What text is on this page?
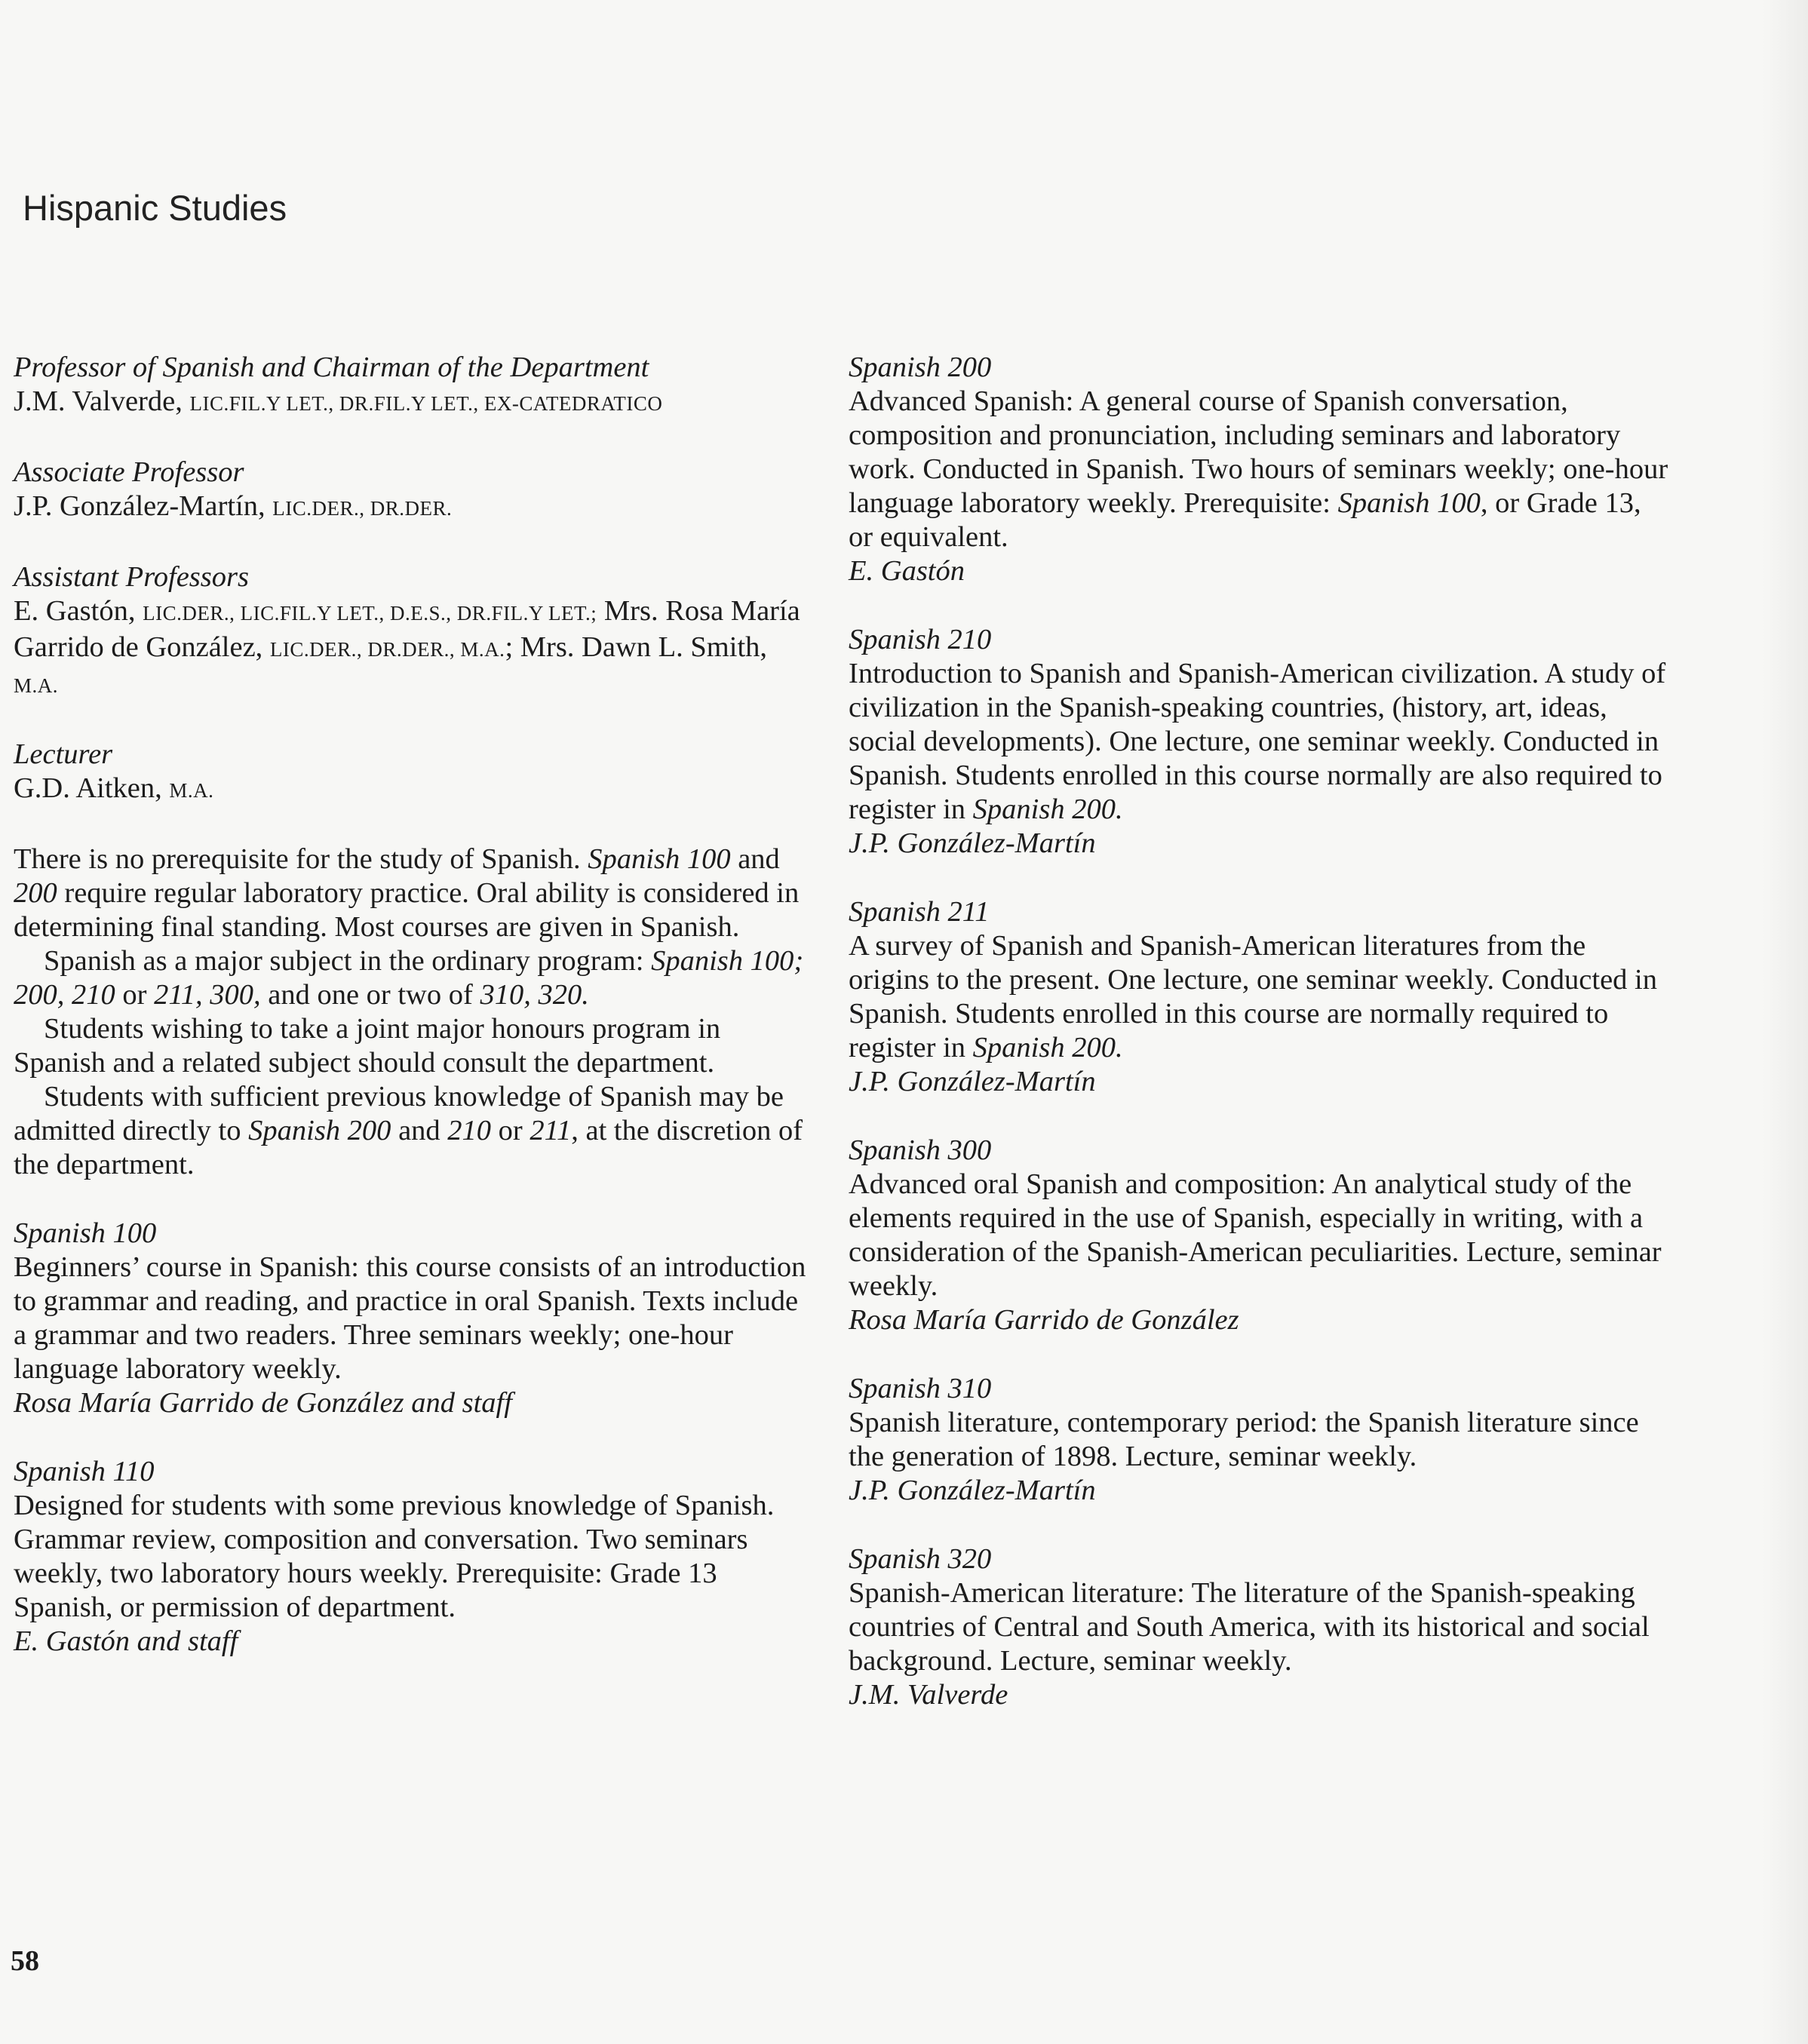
Hispanic Studies
Professor of Spanish and Chairman of the Department
J.M. Valverde, LIC.FIL.Y LET., DR.FIL.Y LET., EX-CATEDRATICO
Associate Professor
J.P. González-Martín, LIC.DER., DR.DER.
Assistant Professors
E. Gastón, LIC.DER., LIC.FIL.Y LET., D.E.S., DR.FIL.Y LET.; Mrs. Rosa María Garrido de González, LIC.DER., DR.DER., M.A.; Mrs. Dawn L. Smith, M.A.
Lecturer
G.D. Aitken, M.A.

There is no prerequisite for the study of Spanish. Spanish 100 and 200 require regular laboratory practice. Oral ability is considered in determining final standing. Most courses are given in Spanish.

Spanish as a major subject in the ordinary program: Spanish 100; 200, 210 or 211, 300, and one or two of 310, 320.

Students wishing to take a joint major honours program in Spanish and a related subject should consult the department.

Students with sufficient previous knowledge of Spanish may be admitted directly to Spanish 200 and 210 or 211, at the discretion of the department.

Spanish 100

Beginners’ course in Spanish: this course consists of an introduction to grammar and reading, and practice in oral Spanish. Texts include a grammar and two readers. Three seminars weekly; one-hour language laboratory weekly.

Rosa María Garrido de González and staff
Spanish 110

Designed for students with some previous knowledge of Spanish. Grammar review, composition and conversation. Two seminars weekly, two laboratory hours weekly. Prerequisite: Grade 13 Spanish, or permission of department.

E. Gastón and staff
Spanish 200

Advanced Spanish: A general course of Spanish conversation, composition and pronunciation, including seminars and laboratory work. Conducted in Spanish. Two hours of seminars weekly; one-hour language laboratory weekly. Prerequisite: Spanish 100, or Grade 13, or equivalent.

E. Gastón
Spanish 210

Introduction to Spanish and Spanish-American civilization. A study of civilization in the Spanish-speaking countries, (history, art, ideas, social developments). One lecture, one seminar weekly. Conducted in Spanish. Students enrolled in this course normally are also required to register in Spanish 200.

J.P. González-Martín
Spanish 211

A survey of Spanish and Spanish-American literatures from the origins to the present. One lecture, one seminar weekly. Conducted in Spanish. Students enrolled in this course are normally required to register in Spanish 200.

J.P. González-Martín
Spanish 300

Advanced oral Spanish and composition: An analytical study of the elements required in the use of Spanish, especially in writing, with a consideration of the Spanish-American peculiarities. Lecture, seminar weekly.

Rosa María Garrido de González
Spanish 310

Spanish literature, contemporary period: the Spanish literature since the generation of 1898. Lecture, seminar weekly.

J.P. González-Martín
Spanish 320

Spanish-American literature: The literature of the Spanish-speaking countries of Central and South America, with its historical and social background. Lecture, seminar weekly.

J.M. Valverde
58
